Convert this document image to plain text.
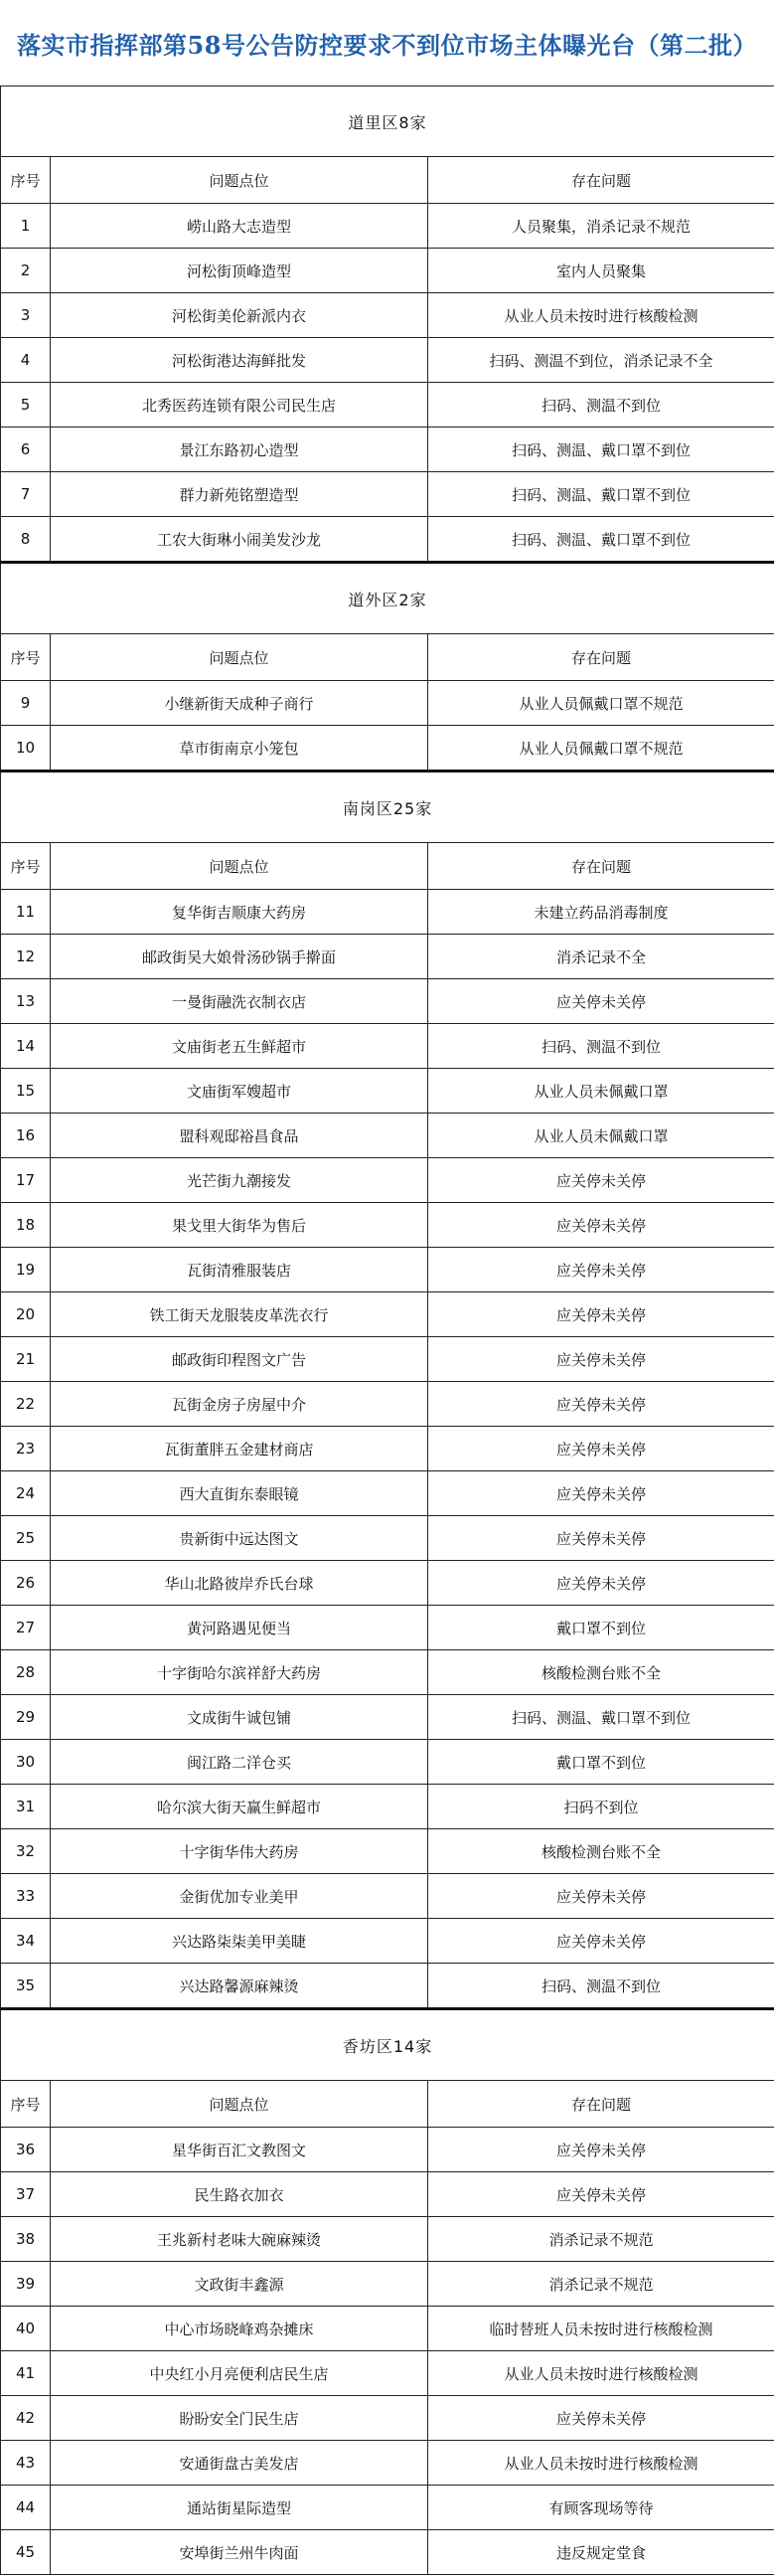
落实市指挥部第58号公告防控要求不到位市场主体曝光台（第二批）
道里区8家		
序号	问题点位	存在问题
1	崂山路大志造型	人员聚集，消杀记录不规范
2	河松街顶峰造型	室内人员聚集
3	河松街美伦新派内衣	从业人员未按时进行核酸检测
4	河松街港达海鲜批发	扫码、测温不到位，消杀记录不全
5	北秀医药连锁有限公司民生店	扫码、测温不到位
6	景江东路初心造型	扫码、测温、戴口罩不到位
7	群力新苑铭塑造型	扫码、测温、戴口罩不到位
8	工农大街琳小闹美发沙龙	扫码、测温、戴口罩不到位
道外区2家		
序号	问题点位	存在问题
9	小继新街天成种子商行	从业人员佩戴口罩不规范
10	草市街南京小笼包	从业人员佩戴口罩不规范
南岗区25家		
序号	问题点位	存在问题
11	复华街吉顺康大药房	未建立药品消毒制度
12	邮政街吴大娘骨汤砂锅手擀面	消杀记录不全
13	一曼街融洗衣制衣店	应关停未关停
14	文庙街老五生鲜超市	扫码、测温不到位
15	文庙街军嫂超市	从业人员未佩戴口罩
16	盟科观邸裕昌食品	从业人员未佩戴口罩
17	光芒街九潮接发	应关停未关停
18	果戈里大街华为售后	应关停未关停
19	瓦街清雅服装店	应关停未关停
20	铁工街天龙服装皮革洗衣行	应关停未关停
21	邮政街印程图文广告	应关停未关停
22	瓦街金房子房屋中介	应关停未关停
23	瓦街董胖五金建材商店	应关停未关停
24	西大直街东泰眼镜	应关停未关停
25	贵新街中远达图文	应关停未关停
26	华山北路彼岸乔氏台球	应关停未关停
27	黄河路遇见便当	戴口罩不到位
28	十字街哈尔滨祥舒大药房	核酸检测台账不全
29	文成街牛诚包铺	扫码、测温、戴口罩不到位
30	闽江路二洋仓买	戴口罩不到位
31	哈尔滨大街天赢生鲜超市	扫码不到位
32	十字街华伟大药房	核酸检测台账不全
33	金街优加专业美甲	应关停未关停
34	兴达路柒柒美甲美睫	应关停未关停
35	兴达路馨源麻辣烫	扫码、测温不到位
香坊区14家		
序号	问题点位	存在问题
36	星华街百汇文教图文	应关停未关停
37	民生路衣加衣	应关停未关停
38	王兆新村老味大碗麻辣烫	消杀记录不规范
39	文政街丰鑫源	消杀记录不规范
40	中心市场晓峰鸡杂摊床	临时替班人员未按时进行核酸检测
41	中央红小月亮便利店民生店	从业人员未按时进行核酸检测
42	盼盼安全门民生店	应关停未关停
43	安通街盘古美发店	从业人员未按时进行核酸检测
44	通站街星际造型	有顾客现场等待
45	安埠街兰州牛肉面	违反规定堂食
